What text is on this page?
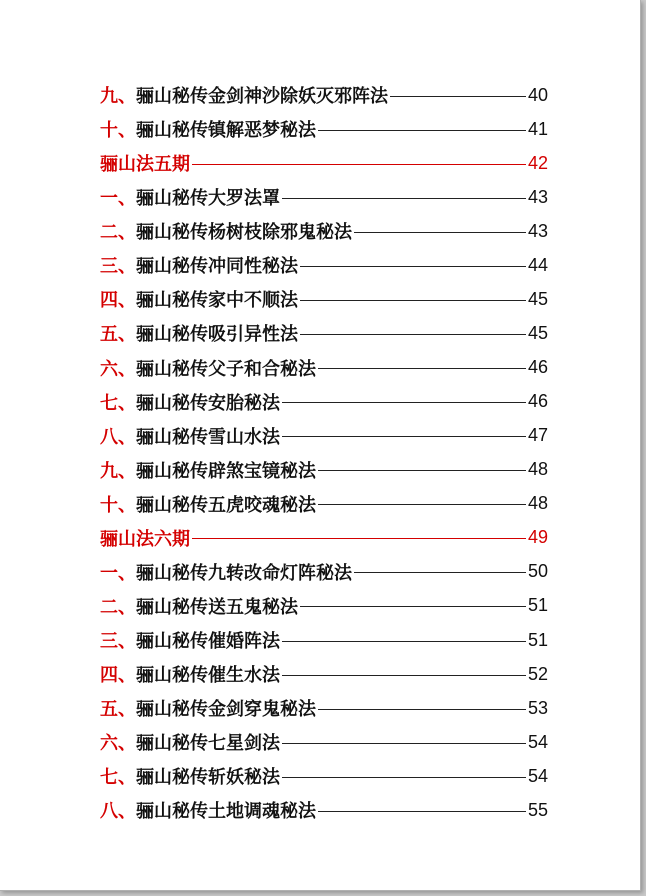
九、 骊山秘传金剑神沙除妖灭邪阵法	40
十、 骊山秘传镇解恶梦秘法	41
骊山法五期	42
一、 骊山秘传大罗法罩	43
二、 骊山秘传杨树枝除邪鬼秘法	43
三、 骊山秘传冲同性秘法	44
四、 骊山秘传家中不顺法	45
五、 骊山秘传吸引异性法	45
六、 骊山秘传父子和合秘法	46
七、 骊山秘传安胎秘法	46
八、 骊山秘传雪山水法	47
九、 骊山秘传辟煞宝镜秘法	48
十、 骊山秘传五虎咬魂秘法	48
骊山法六期	49
一、 骊山秘传九转改命灯阵秘法	50
二、 骊山秘传送五鬼秘法	51
三、 骊山秘传催婚阵法	51
四、 骊山秘传催生水法	52
五、 骊山秘传金剑穿鬼秘法	53
六、 骊山秘传七星剑法	54
七、 骊山秘传斩妖秘法	54
八、 骊山秘传土地调魂秘法	55
